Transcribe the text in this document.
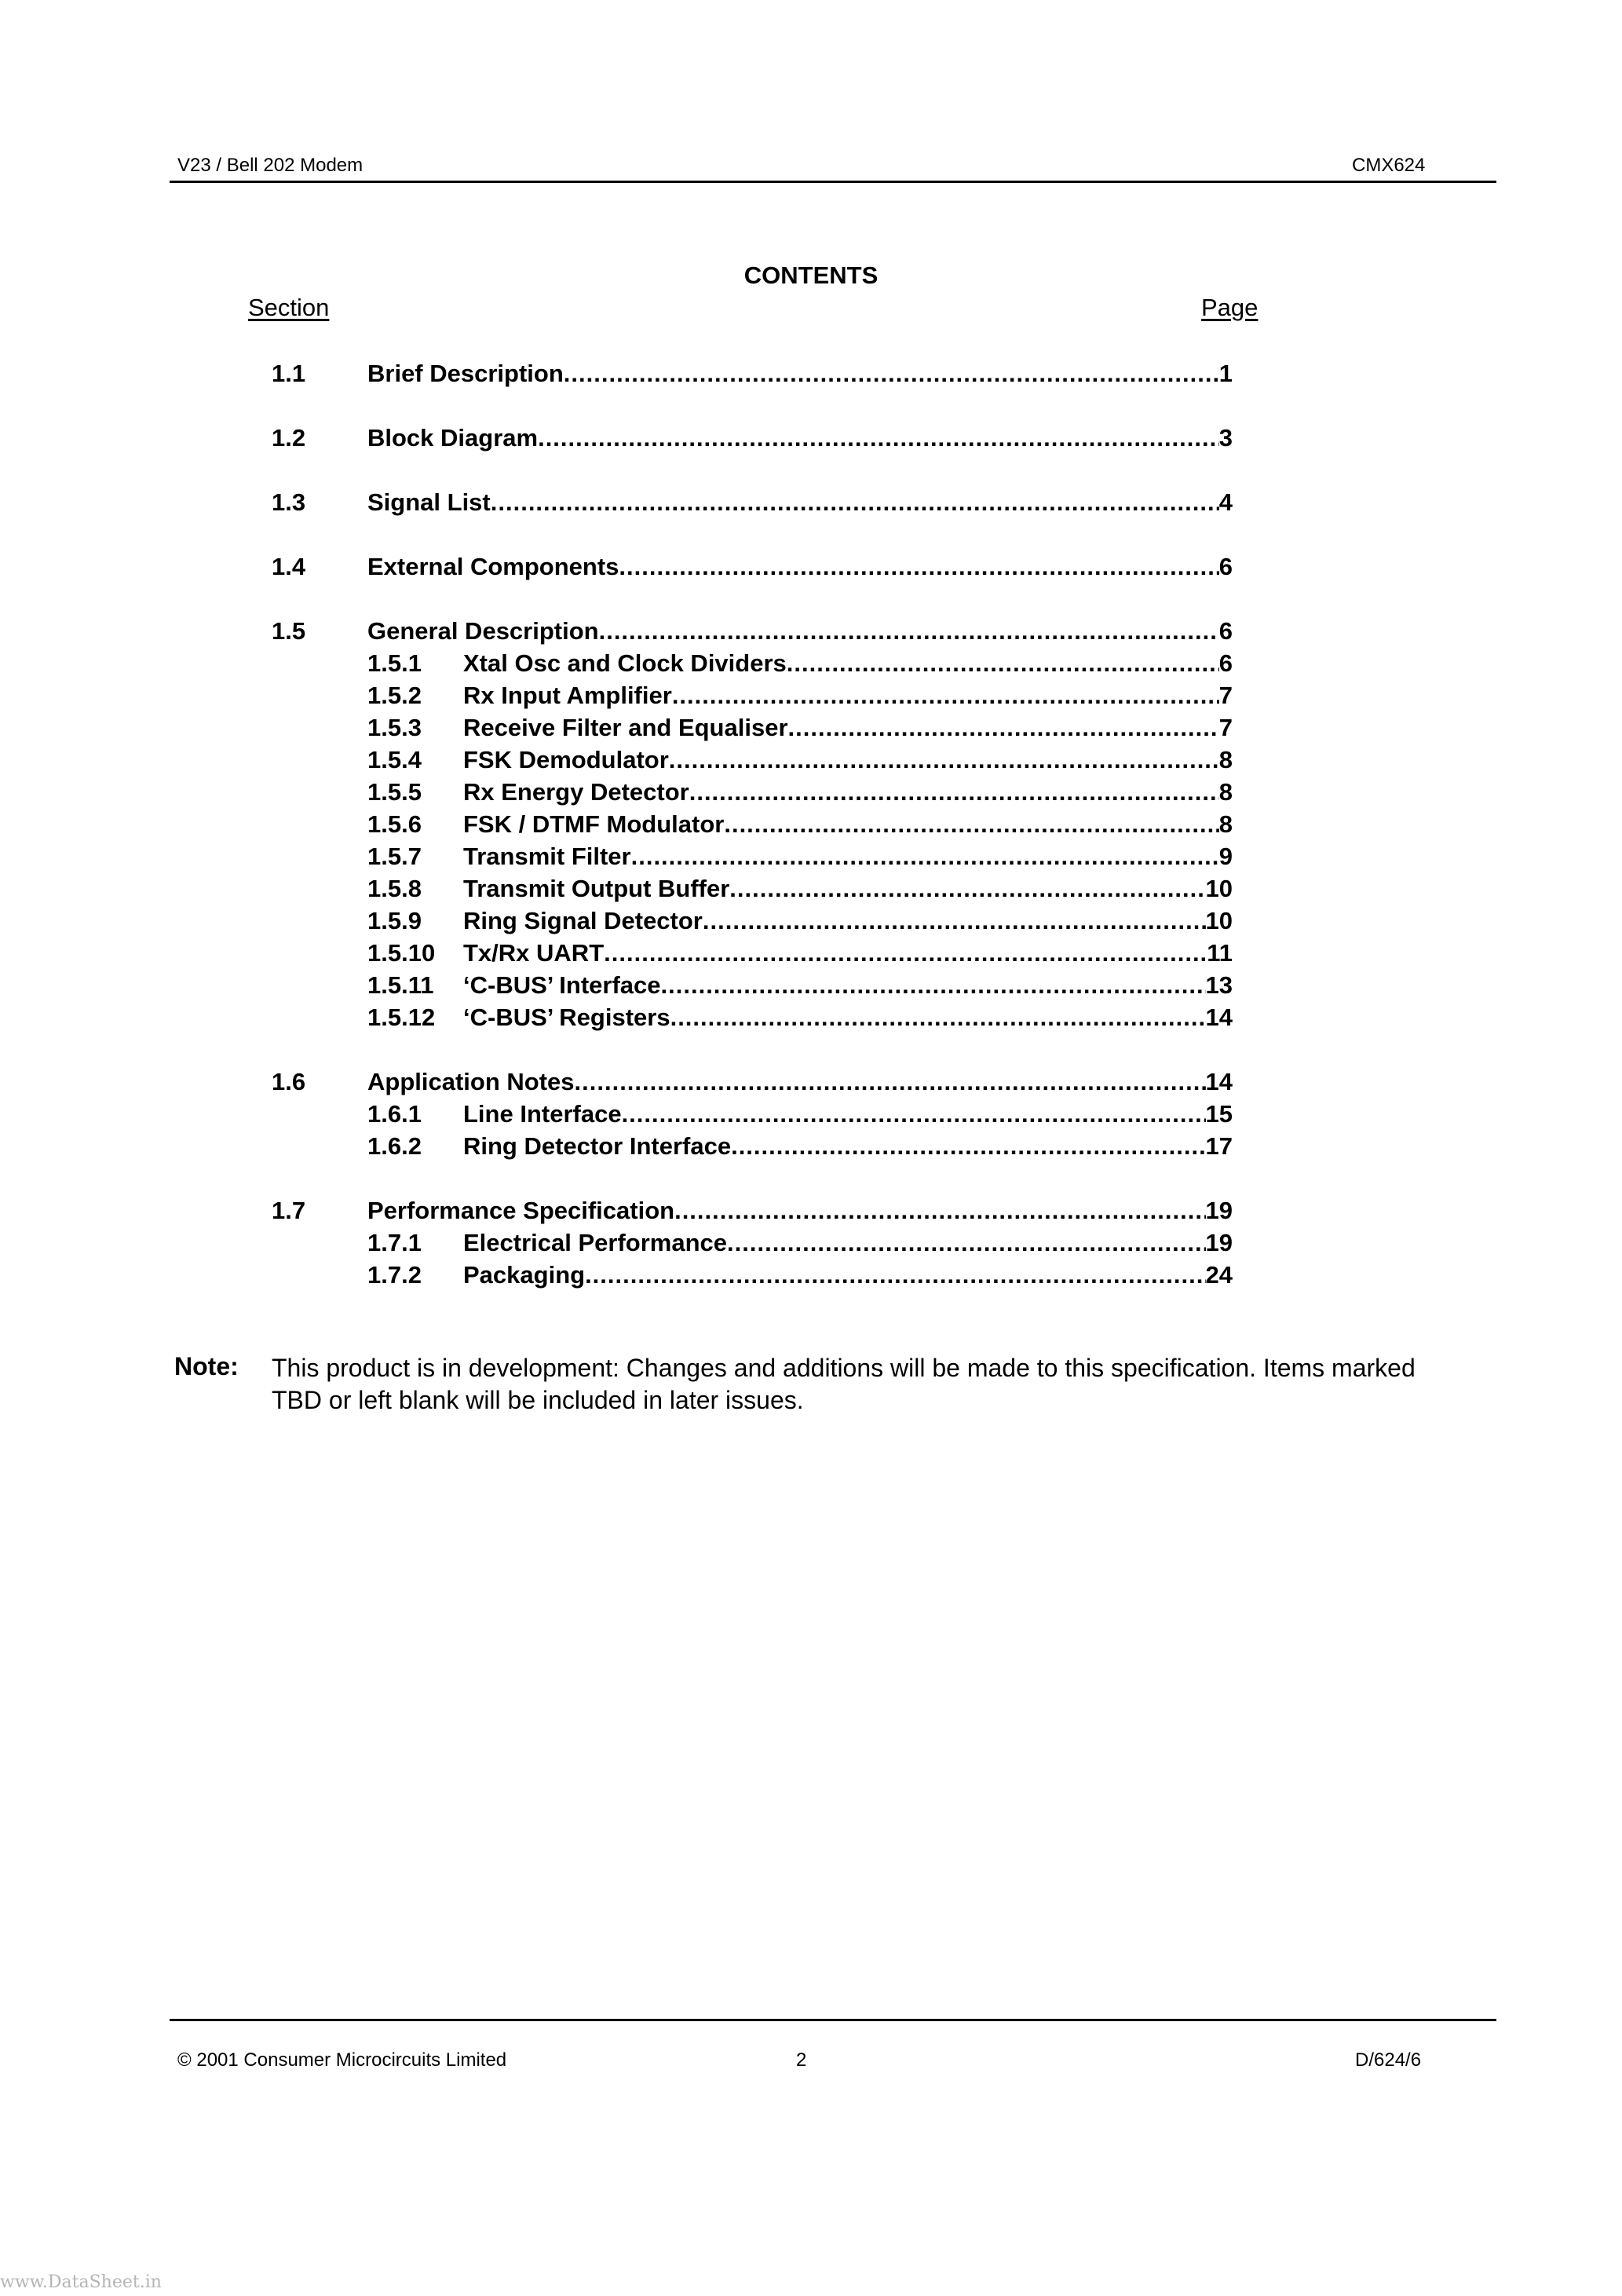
V23 / Bell 202 Modem	CMX624
CONTENTS
Section	Page
1.1	Brief Description .....	1
1.2	Block Diagram .....	3
1.3	Signal List .....	4
1.4	External Components .....	6
1.5	General Description .....	6
1.5.1 Xtal Osc and Clock Dividers .....	6
1.5.2 Rx Input Amplifier .....	7
1.5.3 Receive Filter and Equaliser .....	7
1.5.4 FSK Demodulator .....	8
1.5.5 Rx Energy Detector .....	8
1.5.6 FSK / DTMF Modulator .....	8
1.5.7 Transmit Filter .....	9
1.5.8 Transmit Output Buffer .....	10
1.5.9 Ring Signal Detector .....	10
1.5.10 Tx/Rx UART .....	11
1.5.11 ‘C-BUS’ Interface .....	13
1.5.12 ‘C-BUS’ Registers .....	14
1.6	Application Notes .....	14
1.6.1 Line Interface .....	15
1.6.2 Ring Detector Interface .....	17
1.7	Performance Specification .....	19
1.7.1 Electrical Performance .....	19
1.7.2 Packaging .....	24
Note: This product is in development: Changes and additions will be made to this specification. Items marked TBD or left blank will be included in later issues.
© 2001 Consumer Microcircuits Limited	2	D/624/6
www.DataSheet.in
